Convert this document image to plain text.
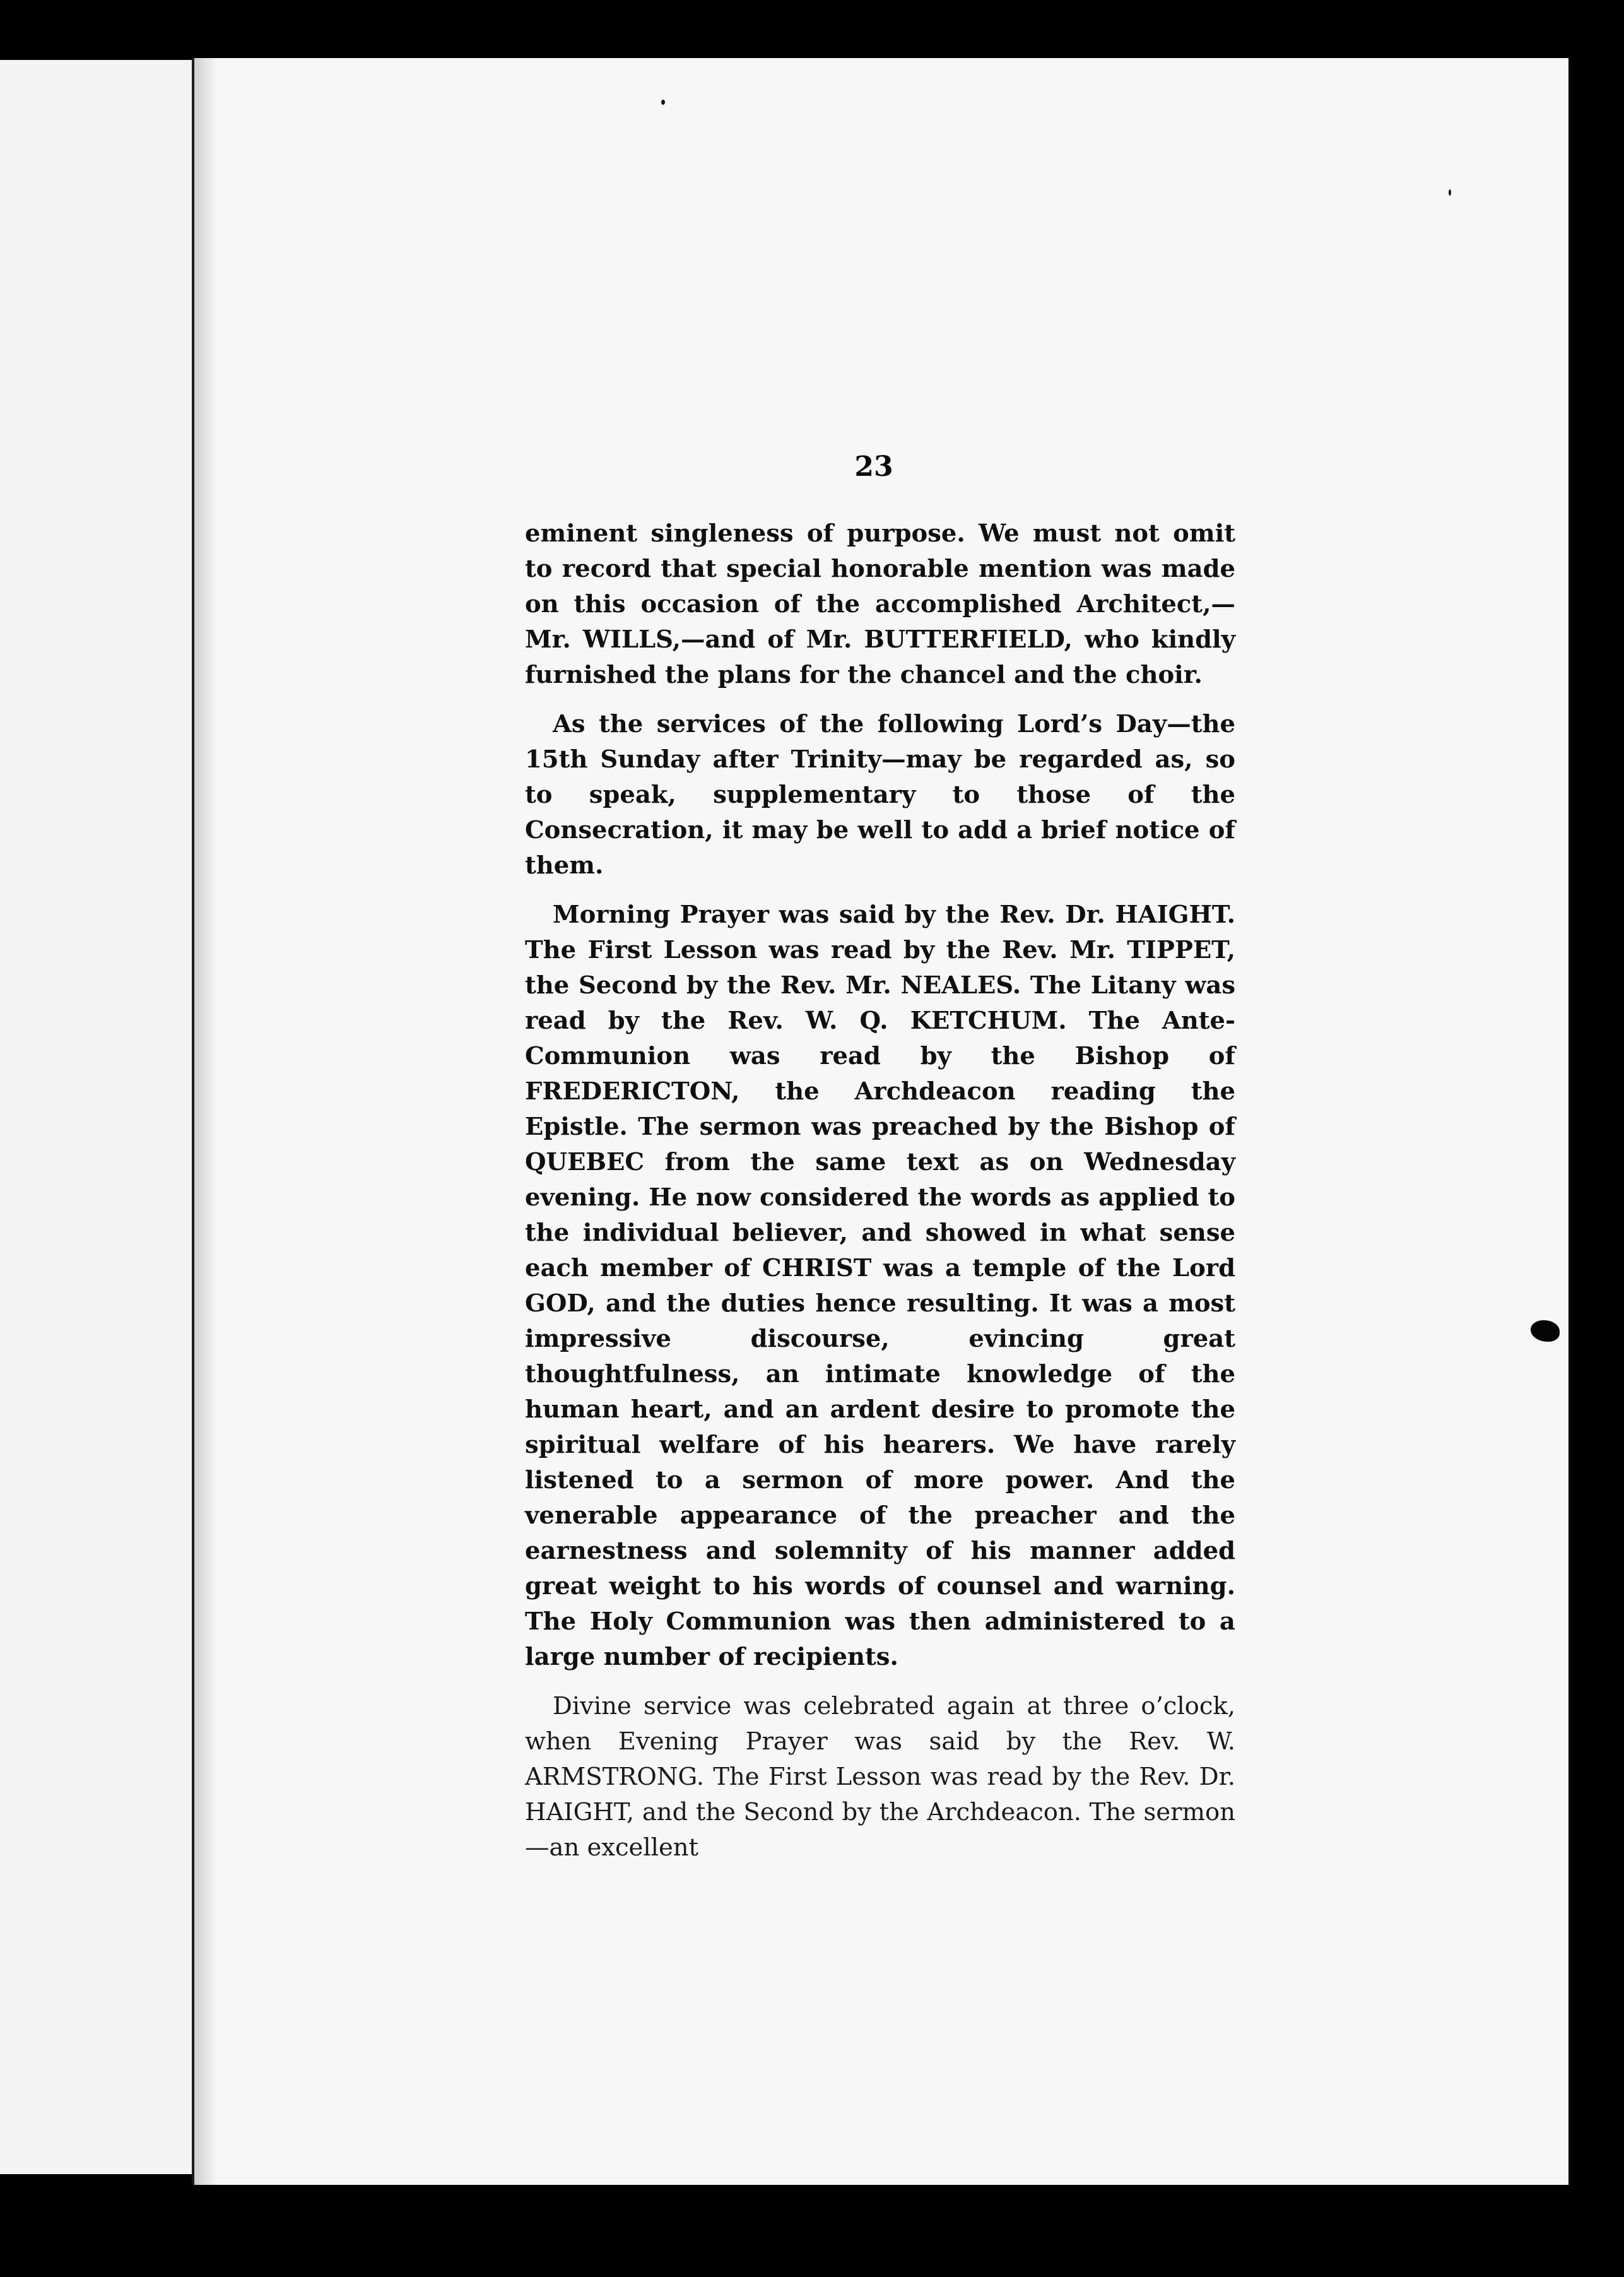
23

eminent singleness of purpose. We must not omit to record that special honorable mention was made on this occasion of the accomplished Architect,—Mr. WILLS,—and of Mr. BUTTERFIELD, who kindly furnished the plans for the chancel and the choir.

As the services of the following Lord’s Day—the 15th Sunday after Trinity—may be regarded as, so to speak, supplementary to those of the Consecration, it may be well to add a brief notice of them.

Morning Prayer was said by the Rev. Dr. HAIGHT. The First Lesson was read by the Rev. Mr. TIPPET, the Second by the Rev. Mr. NEALES. The Litany was read by the Rev. W. Q. KETCHUM. The Ante-Communion was read by the Bishop of FREDERICTON, the Archdeacon reading the Epistle. The sermon was preached by the Bishop of QUEBEC from the same text as on Wednesday evening. He now considered the words as applied to the individual believer, and showed in what sense each member of CHRIST was a temple of the Lord GOD, and the duties hence resulting. It was a most impressive discourse, evincing great thoughtfulness, an intimate knowledge of the human heart, and an ardent desire to promote the spiritual welfare of his hearers. We have rarely listened to a sermon of more power. And the venerable appearance of the preacher and the earnestness and solemnity of his manner added great weight to his words of counsel and warning. The Holy Communion was then administered to a large number of recipients.

Divine service was celebrated again at three o’clock, when Evening Prayer was said by the Rev. W. ARMSTRONG. The First Lesson was read by the Rev. Dr. HAIGHT, and the Second by the Archdeacon. The sermon—an excellent
